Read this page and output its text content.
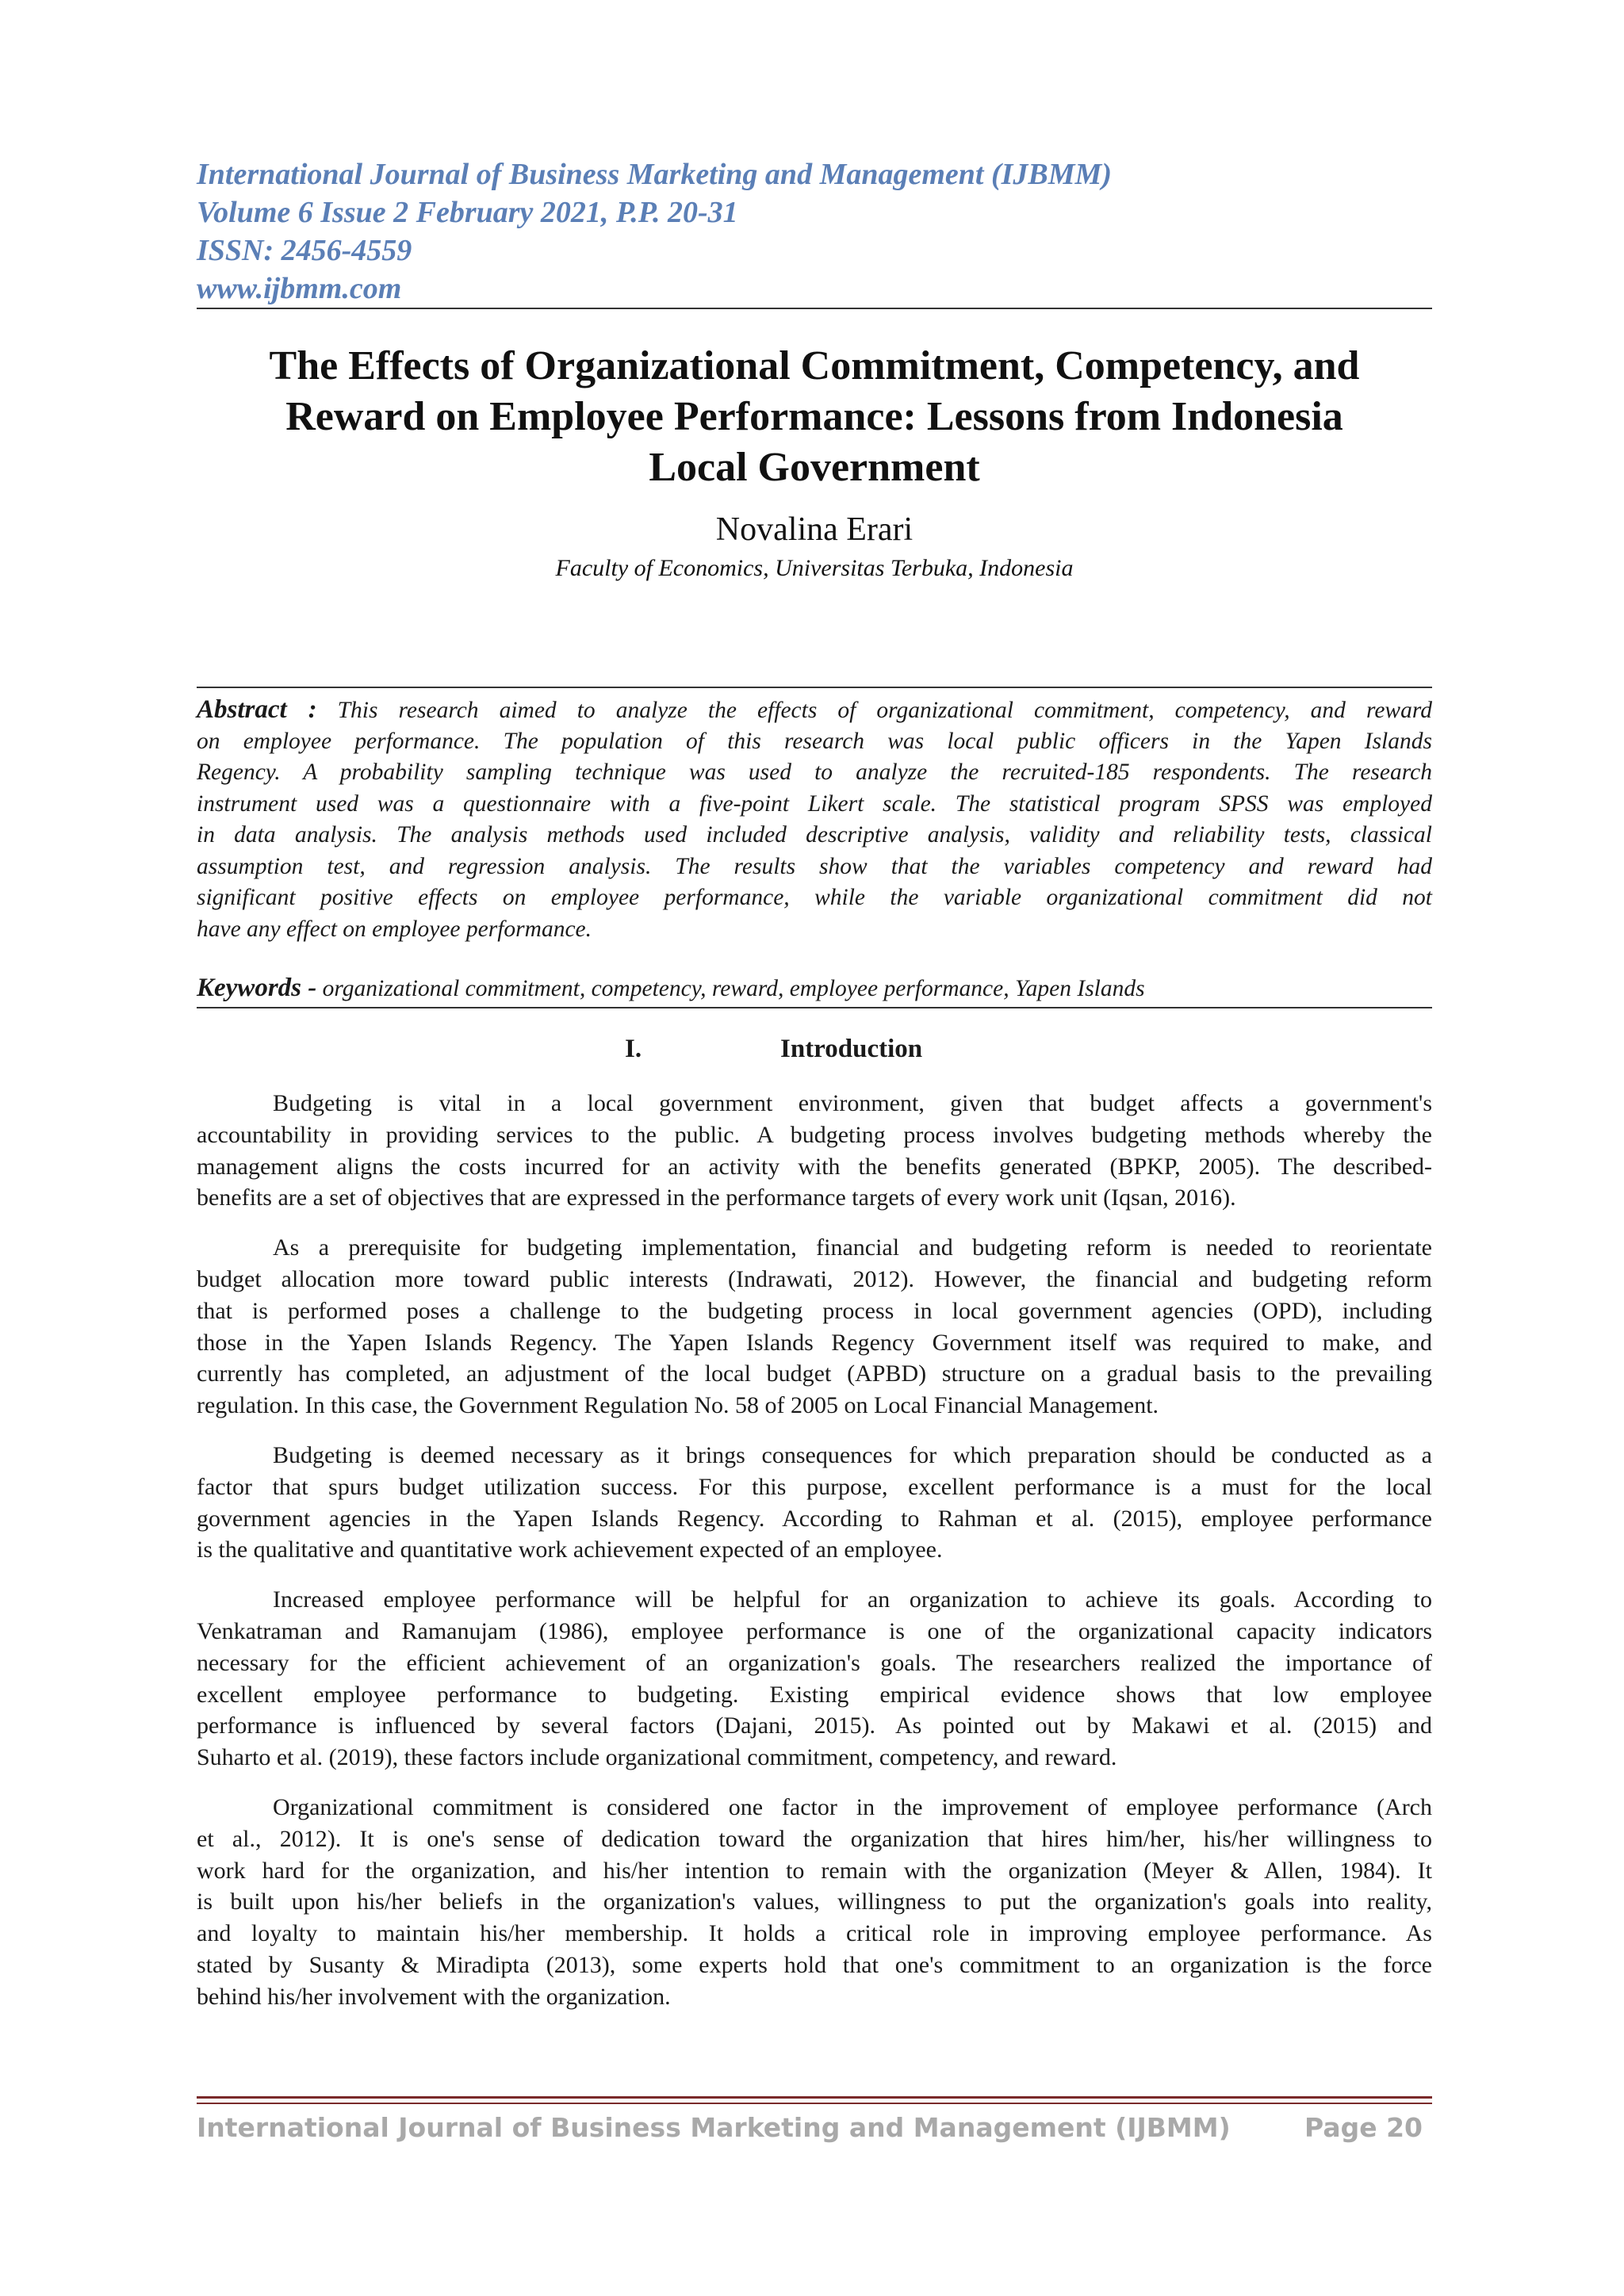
International Journal of Business Marketing and Management (IJBMM)
Volume 6 Issue 2 February 2021, P.P. 20-31
ISSN: 2456-4559
www.ijbmm.com
The Effects of Organizational Commitment, Competency, and
Reward on Employee Performance: Lessons from Indonesia
Local Government
Novalina Erari
Faculty of Economics, Universitas Terbuka, Indonesia
Abstract : This research aimed to analyze the effects of organizational commitment, competency, and reward
on employee performance. The population of this research was local public officers in the Yapen Islands
Regency. A probability sampling technique was used to analyze the recruited-185 respondents. The research
instrument used was a questionnaire with a five-point Likert scale. The statistical program SPSS was employed
in data analysis. The analysis methods used included descriptive analysis, validity and reliability tests, classical
assumption test, and regression analysis. The results show that the variables competency and reward had
significant positive effects on employee performance, while the variable organizational commitment did not
have any effect on employee performance.
Keywords - organizational commitment, competency, reward, employee performance, Yapen Islands
I.	Introduction
Budgeting is vital in a local government environment, given that budget affects a government's
accountability in providing services to the public. A budgeting process involves budgeting methods whereby the
management aligns the costs incurred for an activity with the benefits generated (BPKP, 2005). The described-
benefits are a set of objectives that are expressed in the performance targets of every work unit (Iqsan, 2016).
As a prerequisite for budgeting implementation, financial and budgeting reform is needed to reorientate
budget allocation more toward public interests (Indrawati, 2012). However, the financial and budgeting reform
that is performed poses a challenge to the budgeting process in local government agencies (OPD), including
those in the Yapen Islands Regency. The Yapen Islands Regency Government itself was required to make, and
currently has completed, an adjustment of the local budget (APBD) structure on a gradual basis to the prevailing
regulation. In this case, the Government Regulation No. 58 of 2005 on Local Financial Management.
Budgeting is deemed necessary as it brings consequences for which preparation should be conducted as a
factor that spurs budget utilization success. For this purpose, excellent performance is a must for the local
government agencies in the Yapen Islands Regency. According to Rahman et al. (2015), employee performance
is the qualitative and quantitative work achievement expected of an employee.
Increased employee performance will be helpful for an organization to achieve its goals. According to
Venkatraman and Ramanujam (1986), employee performance is one of the organizational capacity indicators
necessary for the efficient achievement of an organization's goals. The researchers realized the importance of
excellent employee performance to budgeting. Existing empirical evidence shows that low employee
performance is influenced by several factors (Dajani, 2015). As pointed out by Makawi et al. (2015) and
Suharto et al. (2019), these factors include organizational commitment, competency, and reward.
Organizational commitment is considered one factor in the improvement of employee performance (Arch
et al., 2012). It is one's sense of dedication toward the organization that hires him/her, his/her willingness to
work hard for the organization, and his/her intention to remain with the organization (Meyer & Allen, 1984). It
is built upon his/her beliefs in the organization's values, willingness to put the organization's goals into reality,
and loyalty to maintain his/her membership. It holds a critical role in improving employee performance. As
stated by Susanty & Miradipta (2013), some experts hold that one's commitment to an organization is the force
behind his/her involvement with the organization.
International Journal of Business Marketing and Management (IJBMM)	Page 20
